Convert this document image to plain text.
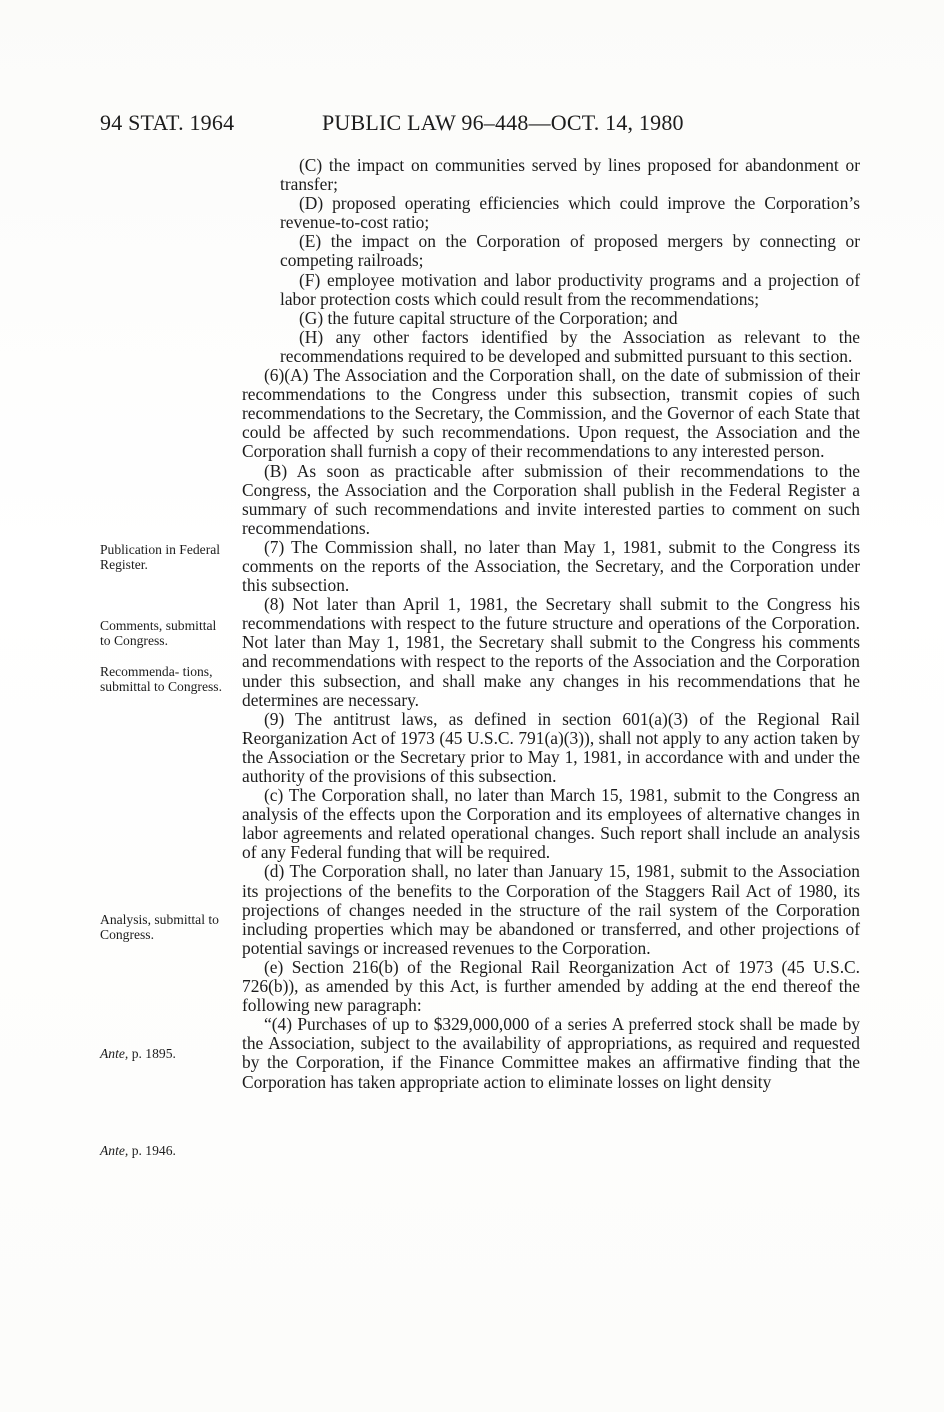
94 STAT. 1964	PUBLIC LAW 96–448—OCT. 14, 1980

(C) the impact on communities served by lines proposed for abandonment or transfer;

(D) proposed operating efficiencies which could improve the Corporation’s revenue-to-cost ratio;

(E) the impact on the Corporation of proposed mergers by connecting or competing railroads;

(F) employee motivation and labor productivity programs and a projection of labor protection costs which could result from the recommendations;

(G) the future capital structure of the Corporation; and

(H) any other factors identified by the Association as relevant to the recommendations required to be developed and submitted pursuant to this section.

(6)(A) The Association and the Corporation shall, on the date of submission of their recommendations to the Congress under this subsection, transmit copies of such recommendations to the Secretary, the Commission, and the Governor of each State that could be affected by such recommendations. Upon request, the Association and the Corporation shall furnish a copy of their recommendations to any interested person.

(B) As soon as practicable after submission of their recommendations to the Congress, the Association and the Corporation shall publish in the Federal Register a summary of such recommendations and invite interested parties to comment on such recommendations.

(7) The Commission shall, no later than May 1, 1981, submit to the Congress its comments on the reports of the Association, the Secretary, and the Corporation under this subsection.

(8) Not later than April 1, 1981, the Secretary shall submit to the Congress his recommendations with respect to the future structure and operations of the Corporation. Not later than May 1, 1981, the Secretary shall submit to the Congress his comments and recommendations with respect to the reports of the Association and the Corporation under this subsection, and shall make any changes in his recommendations that he determines are necessary.

(9) The antitrust laws, as defined in section 601(a)(3) of the Regional Rail Reorganization Act of 1973 (45 U.S.C. 791(a)(3)), shall not apply to any action taken by the Association or the Secretary prior to May 1, 1981, in accordance with and under the authority of the provisions of this subsection.

(c) The Corporation shall, no later than March 15, 1981, submit to the Congress an analysis of the effects upon the Corporation and its employees of alternative changes in labor agreements and related operational changes. Such report shall include an analysis of any Federal funding that will be required.

(d) The Corporation shall, no later than January 15, 1981, submit to the Association its projections of the benefits to the Corporation of the Staggers Rail Act of 1980, its projections of changes needed in the structure of the rail system of the Corporation including properties which may be abandoned or transferred, and other projections of potential savings or increased revenues to the Corporation.

(e) Section 216(b) of the Regional Rail Reorganization Act of 1973 (45 U.S.C. 726(b)), as amended by this Act, is further amended by adding at the end thereof the following new paragraph:

“(4) Purchases of up to $329,000,000 of a series A preferred stock shall be made by the Association, subject to the availability of appropriations, as required and requested by the Corporation, if the Finance Committee makes an affirmative finding that the Corporation has taken appropriate action to eliminate losses on light density

Publication in Federal Register.
Comments, submittal to Congress.
Recommenda- tions, submittal to Congress.
Analysis, submittal to Congress.
Ante, p. 1895.
Ante, p. 1946.
